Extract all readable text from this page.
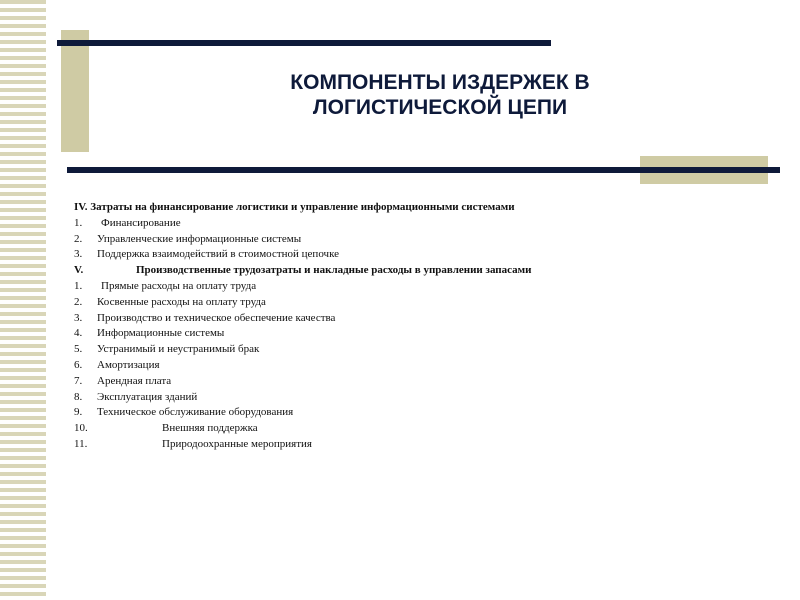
КОМПОНЕНТЫ ИЗДЕРЖЕК В
ЛОГИСТИЧЕСКОЙ ЦЕПИ
IV. Затраты на финансирование логистики и управление информационными системами
1. Финансирование
2. Управленческие информационные системы
3. Поддержка взаимодействий в стоимостной цепочке
V.	Производственные трудозатраты и накладные расходы в управлении запасами
1. Прямые расходы на оплату труда
2. Косвенные расходы на оплату труда
3. Производство и техническое обеспечение качества
4. Информационные системы
5. Устранимый и неустранимый брак
6. Амортизация
7. Арендная плата
8. Эксплуатация зданий
9. Техническое обслуживание оборудования
10.	Внешняя поддержка
11.	Природоохранные мероприятия
